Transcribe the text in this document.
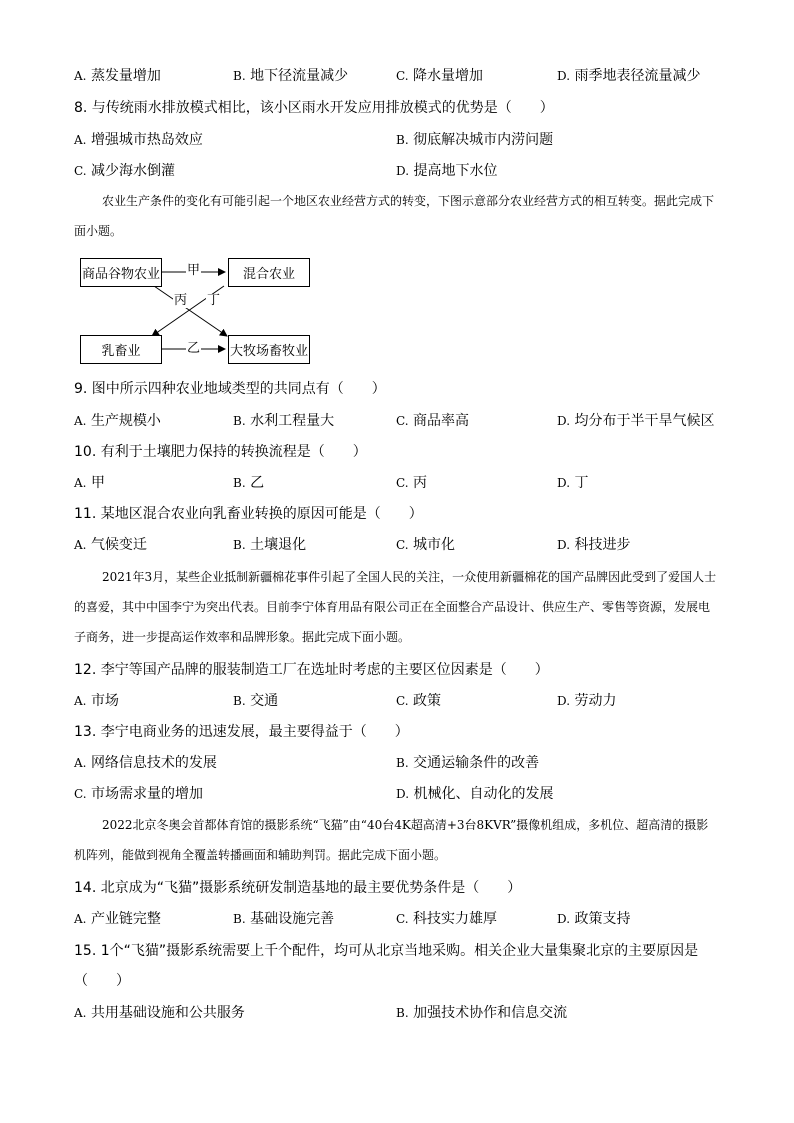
A. 蒸发量增加	B. 地下径流量减少	C. 降水量增加	D. 雨季地表径流量减少
8. 与传统雨水排放模式相比，该小区雨水开发应用排放模式的优势是（　　）
A. 增强城市热岛效应	B. 彻底解决城市内涝问题
C. 减少海水倒灌	D. 提高地下水位
农业生产条件的变化有可能引起一个地区农业经营方式的转变，下图示意部分农业经营方式的相互转变。据此完成下面小题。
商品谷物农业	混合农业
乳畜业	大牧场畜牧业
甲
乙
丙 丁
9. 图中所示四种农业地域类型的共同点有（　　）
A. 生产规模小	B. 水利工程量大	C. 商品率高	D. 均分布于半干旱气候区
10. 有利于土壤肥力保持的转换流程是（　　）
A. 甲	B. 乙	C. 丙	D. 丁
11. 某地区混合农业向乳畜业转换的原因可能是（　　）
A. 气候变迁	B. 土壤退化	C. 城市化	D. 科技进步
2021年3月，某些企业抵制新疆棉花事件引起了全国人民的关注，一众使用新疆棉花的国产品牌因此受到了爱国人士的喜爱，其中中国李宁为突出代表。目前李宁体育用品有限公司正在全面整合产品设计、供应生产、零售等资源，发展电子商务，进一步提高运作效率和品牌形象。据此完成下面小题。
12. 李宁等国产品牌的服装制造工厂在选址时考虑的主要区位因素是（　　）
A. 市场	B. 交通	C. 政策	D. 劳动力
13. 李宁电商业务的迅速发展，最主要得益于（　　）
A. 网络信息技术的发展	B. 交通运输条件的改善
C. 市场需求量的增加	D. 机械化、自动化的发展
2022北京冬奥会首都体育馆的摄影系统“飞猫”由“40台4K超高清+3台8KVR”摄像机组成，多机位、超高清的摄影机阵列，能做到视角全覆盖转播画面和辅助判罚。据此完成下面小题。
14. 北京成为“飞猫”摄影系统研发制造基地的最主要优势条件是（　　）
A. 产业链完整	B. 基础设施完善	C. 科技实力雄厚	D. 政策支持
15. 1个“飞猫”摄影系统需要上千个配件，均可从北京当地采购。相关企业大量集聚北京的主要原因是
（　　）
A. 共用基础设施和公共服务	B. 加强技术协作和信息交流
